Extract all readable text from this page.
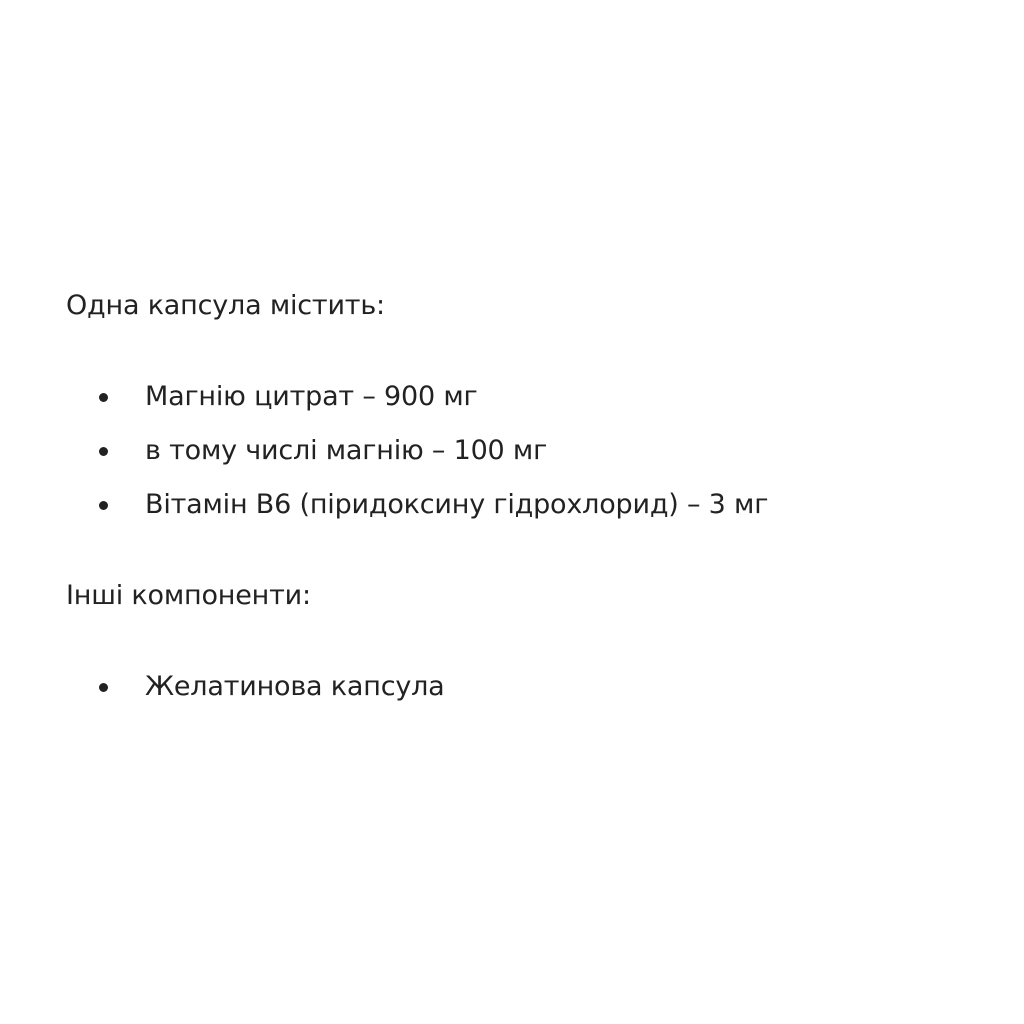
Одна капсула містить:

Магнію цитрат – 900 мг
в тому числі магнію – 100 мг
Вітамін В6 (піридоксину гідрохлорид) – 3 мг

Інші компоненти:

Желатинова капсула
